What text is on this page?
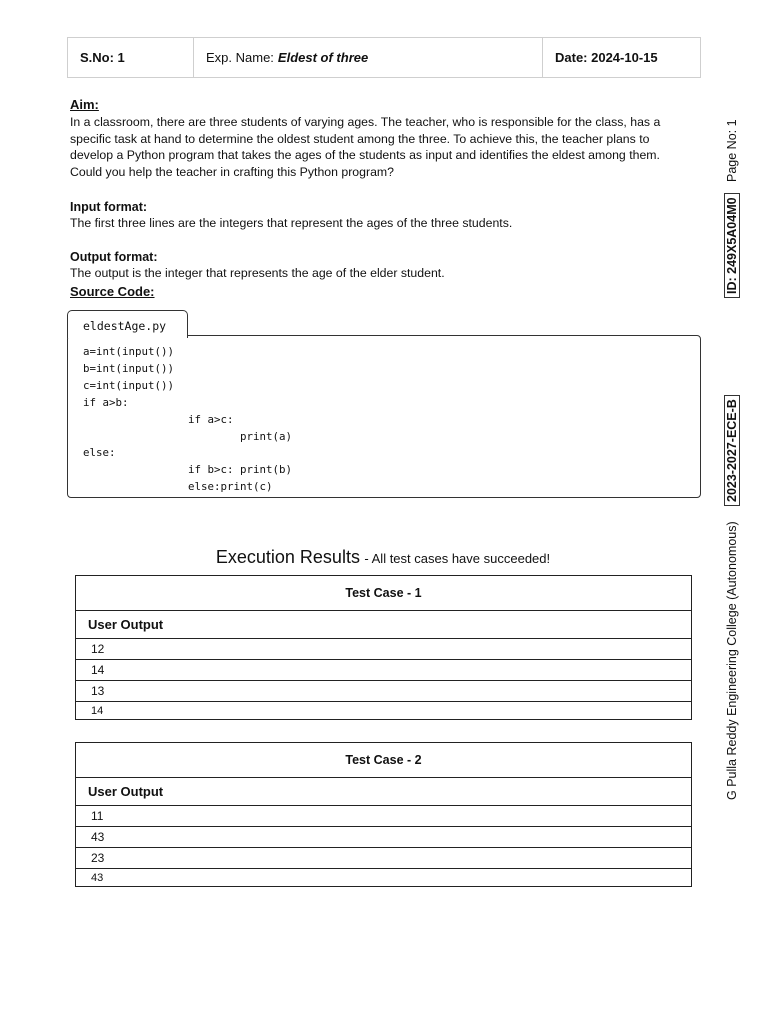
S.No: 1	Exp. Name: Eldest of three	Date: 2024-10-15
Aim:
In a classroom, there are three students of varying ages. The teacher, who is responsible for the class, has a specific task at hand to determine the oldest student among the three. To achieve this, the teacher plans to develop a Python program that takes the ages of the students as input and identifies the eldest among them. Could you help the teacher in crafting this Python program?
Input format:
The first three lines are the integers that represent the ages of the three students.
Output format:
The output is the integer that represents the age of the elder student.
Source Code:
eldestAge.py
a=int(input())
b=int(input())
c=int(input())
if a>b:
if a>c:
print(a)
else:
if b>c: print(b)
else:print(c)
Execution Results - All test cases have succeeded!
Test Case - 1
User Output
12
14
13
14
Test Case - 2
User Output
11
43
23
43
Page No: 1
ID: 249X5A04M0
2023-2027-ECE-B
G Pulla Reddy Engineering College (Autonomous)
